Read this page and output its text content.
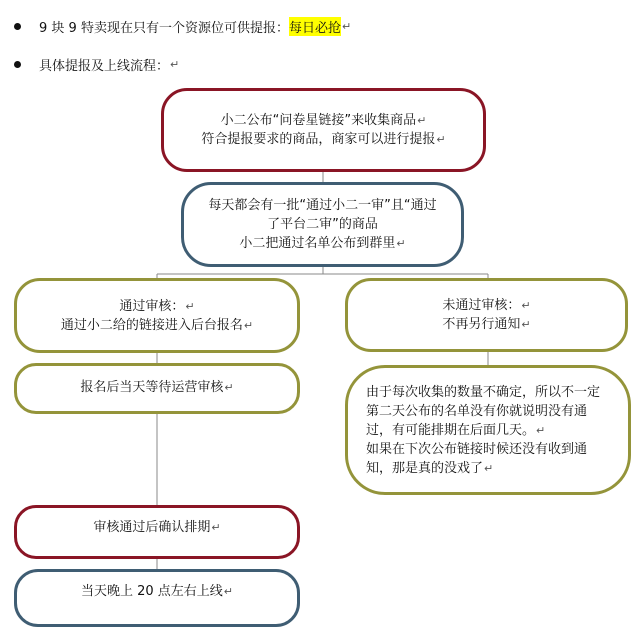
9 块 9 特卖现在只有一个资源位可供提报： 每日必抢 ↵
具体提报及上线流程： ↵
小二公布“问卷星链接”来收集商品↵
符合提报要求的商品，商家可以进行提报↵
每天都会有一批“通过小二一审”且“通过
了平台二审”的商品
小二把通过名单公布到群里↵
通过审核：↵
通过小二给的链接进入后台报名↵
未通过审核：↵
不再另行通知↵
报名后当天等待运营审核↵	由于每次收集的数量不确定，所以不一定
第二天公布的名单没有你就说明没有通
过，有可能排期在后面几天。↵
如果在下次公布链接时候还没有收到通
知，那是真的没戏了↵
审核通过后确认排期↵
当天晚上 20 点左右上线↵
